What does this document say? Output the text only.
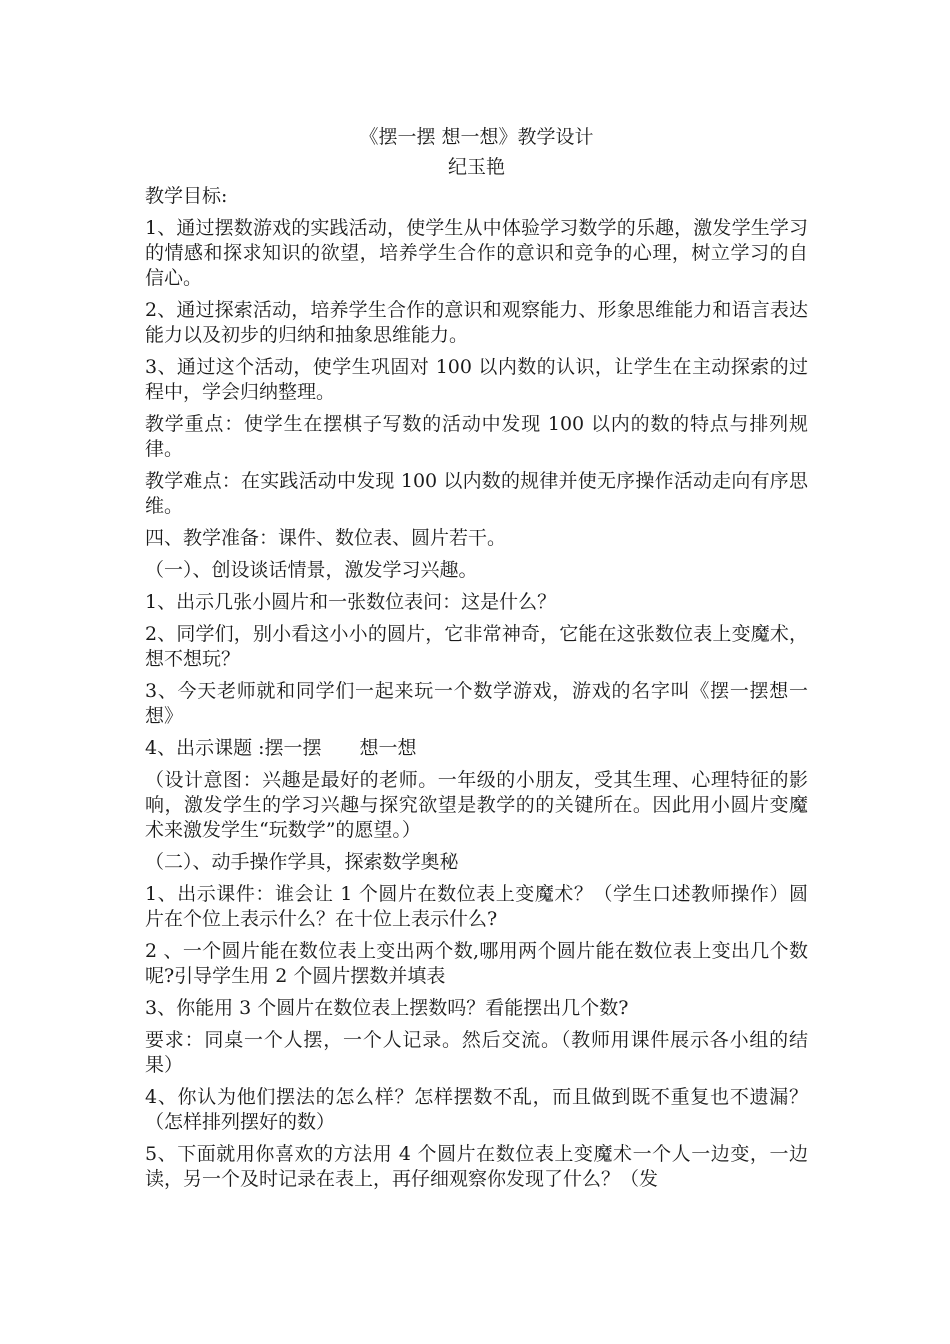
《摆一摆 想一想》教学设计
纪玉艳

教学目标:

1、通过摆数游戏的实践活动，使学生从中体验学习数学的乐趣，激发学生学习的情感和探求知识的欲望，培养学生合作的意识和竞争的心理，树立学习的自信心。

2、通过探索活动，培养学生合作的意识和观察能力、形象思维能力和语言表达能力以及初步的归纳和抽象思维能力。

3、通过这个活动，使学生巩固对 100 以内数的认识，让学生在主动探索的过程中，学会归纳整理。

教学重点：使学生在摆棋子写数的活动中发现 100 以内的数的特点与排列规律。

教学难点：在实践活动中发现 100 以内数的规律并使无序操作活动走向有序思维。

四、教学准备：课件、数位表、圆片若干。

（一）、创设谈话情景，激发学习兴趣。

1、出示几张小圆片和一张数位表问：这是什么？

2、同学们，别小看这小小的圆片，它非常神奇，它能在这张数位表上变魔术，想不想玩？

3、今天老师就和同学们一起来玩一个数学游戏，游戏的名字叫《摆一摆想一想》

4、出示课题 :摆一摆　　想一想

（设计意图：兴趣是最好的老师。一年级的小朋友，受其生理、心理特征的影响，激发学生的学习兴趣与探究欲望是教学的的关键所在。因此用小圆片变魔术来激发学生“玩数学”的愿望。）

（二）、动手操作学具，探索数学奥秘

1、出示课件：谁会让 1 个圆片在数位表上变魔术？（学生口述教师操作）圆片在个位上表示什么？在十位上表示什么?

2 、一个圆片能在数位表上变出两个数,哪用两个圆片能在数位表上变出几个数呢?引导学生用 2 个圆片摆数并填表

3、你能用 3 个圆片在数位表上摆数吗？看能摆出几个数?

要求：同桌一个人摆，一个人记录。然后交流。（教师用课件展示各小组的结果）

4、你认为他们摆法的怎么样？怎样摆数不乱，而且做到既不重复也不遗漏？（怎样排列摆好的数）

5、下面就用你喜欢的方法用 4 个圆片在数位表上变魔术一个人一边变，一边读，另一个及时记录在表上，再仔细观察你发现了什么？（发
